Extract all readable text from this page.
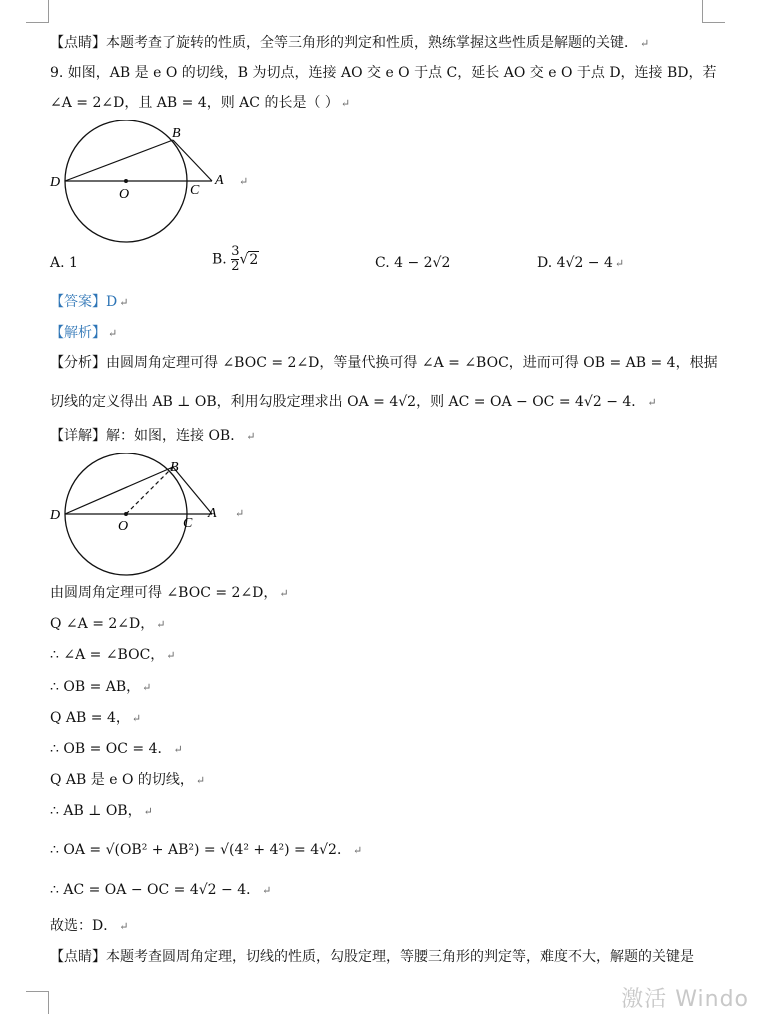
【点睛】本题考查了旋转的性质，全等三角形的判定和性质，熟练掌握这些性质是解题的关键． ↵
9. 如图，AB 是 e O 的切线，B 为切点，连接 AO 交 e O 于点 C，延长 AO 交 e O 于点 D，连接 BD，若
∠A = 2∠D，且 AB = 4，则 AC 的长是（ ） ↵
B
D
O	C
A ↵
A. 1	B. $\frac{3}{2} √2$	C. 4 − 2√2	D. 4√2 − 4 ↵
【答案】D ↵
【解析】 ↵
【分析】由圆周角定理可得 ∠BOC = 2∠D，等量代换可得 ∠A = ∠BOC，进而可得 OB = AB = 4，根据
切线的定义得出 AB ⊥ OB，利用勾股定理求出 OA = 4√2，则 AC = OA − OC = 4√2 − 4． ↵
【详解】解：如图，连接 OB． ↵
B
D
O	C
A ↵
由圆周角定理可得 ∠BOC = 2∠D， ↵
Q ∠A = 2∠D， ↵
∴ ∠A = ∠BOC， ↵
∴ OB = AB， ↵
Q AB = 4， ↵
∴ OB = OC = 4． ↵
Q AB 是 e O 的切线， ↵
∴ AB ⊥ OB， ↵
∴ OA = √(OB² + AB²) = √(4² + 4²) = 4√2． ↵
∴ AC = OA − OC = 4√2 − 4． ↵
故选：D． ↵
【点睛】本题考查圆周角定理，切线的性质，勾股定理，等腰三角形的判定等，难度不大，解题的关键是
激活 Windo
